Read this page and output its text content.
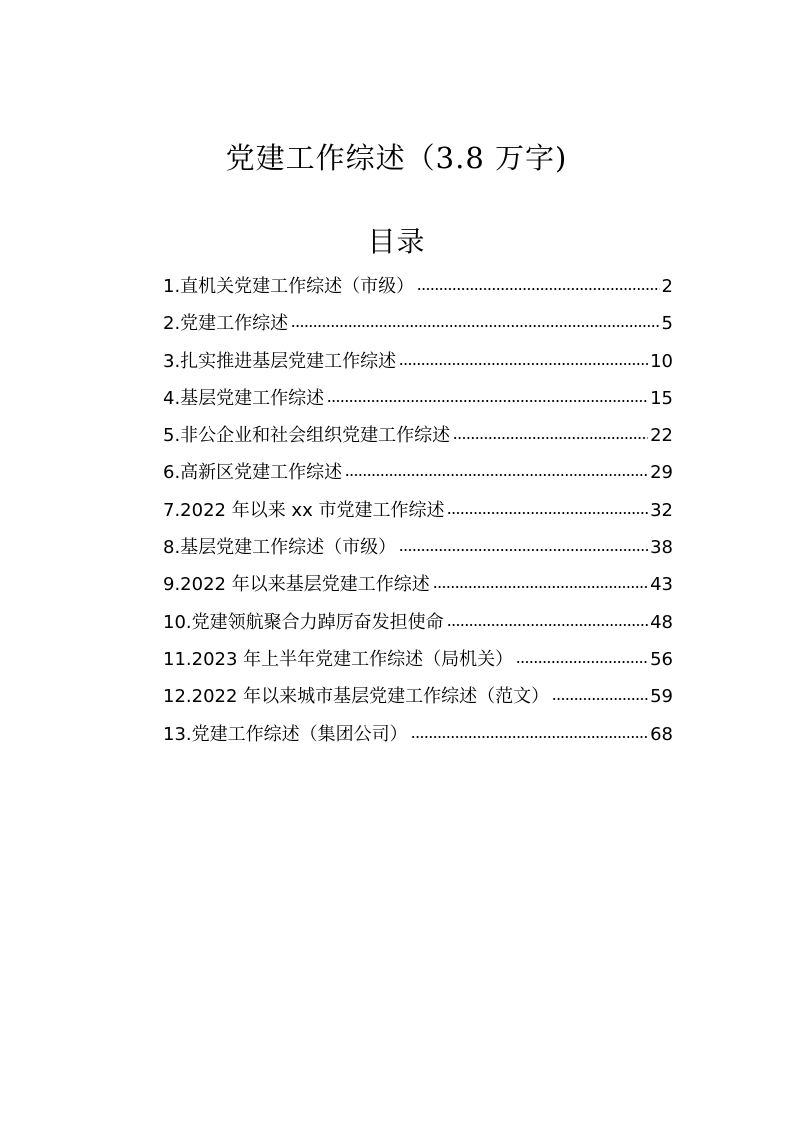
党建工作综述（3.8 万字)
目录
1.直机关党建工作综述（市级）	2
2.党建工作综述	5
3.扎实推进基层党建工作综述	10
4.基层党建工作综述	15
5.非公企业和社会组织党建工作综述	22
6.高新区党建工作综述	29
7.2022 年以来 xx 市党建工作综述	32
8.基层党建工作综述（市级）	38
9.2022 年以来基层党建工作综述	43
10.党建领航聚合力踔厉奋发担使命	48
11.2023 年上半年党建工作综述（局机关）	56
12.2022 年以来城市基层党建工作综述（范文）	59
13.党建工作综述（集团公司）	68
